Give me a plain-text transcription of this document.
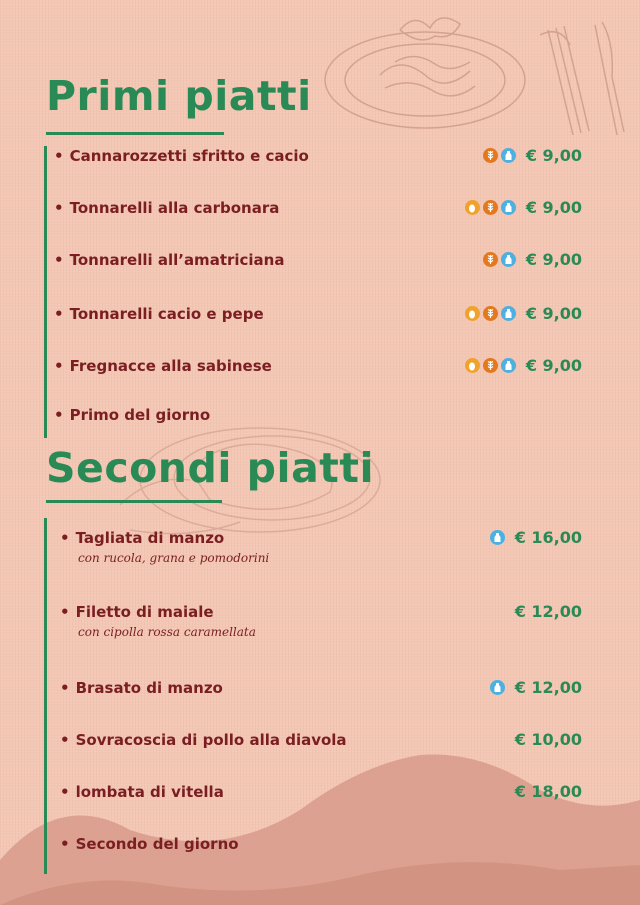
Primi piatti
• Cannarozzetti sfritto e cacio	€ 9,00
• Tonnarelli alla carbonara	€ 9,00
• Tonnarelli all’amatriciana	€ 9,00
• Tonnarelli cacio e pepe	€ 9,00
• Fregnacce alla sabinese	€ 9,00
• Primo del giorno
Secondi piatti
• Tagliata di manzo	€ 16,00
con rucola, grana e pomodorini
• Filetto di maiale	€ 12,00
con cipolla rossa caramellata
• Brasato di manzo	€ 12,00
• Sovracoscia di pollo alla diavola	€ 10,00
• lombata di vitella	€ 18,00
• Secondo del giorno
